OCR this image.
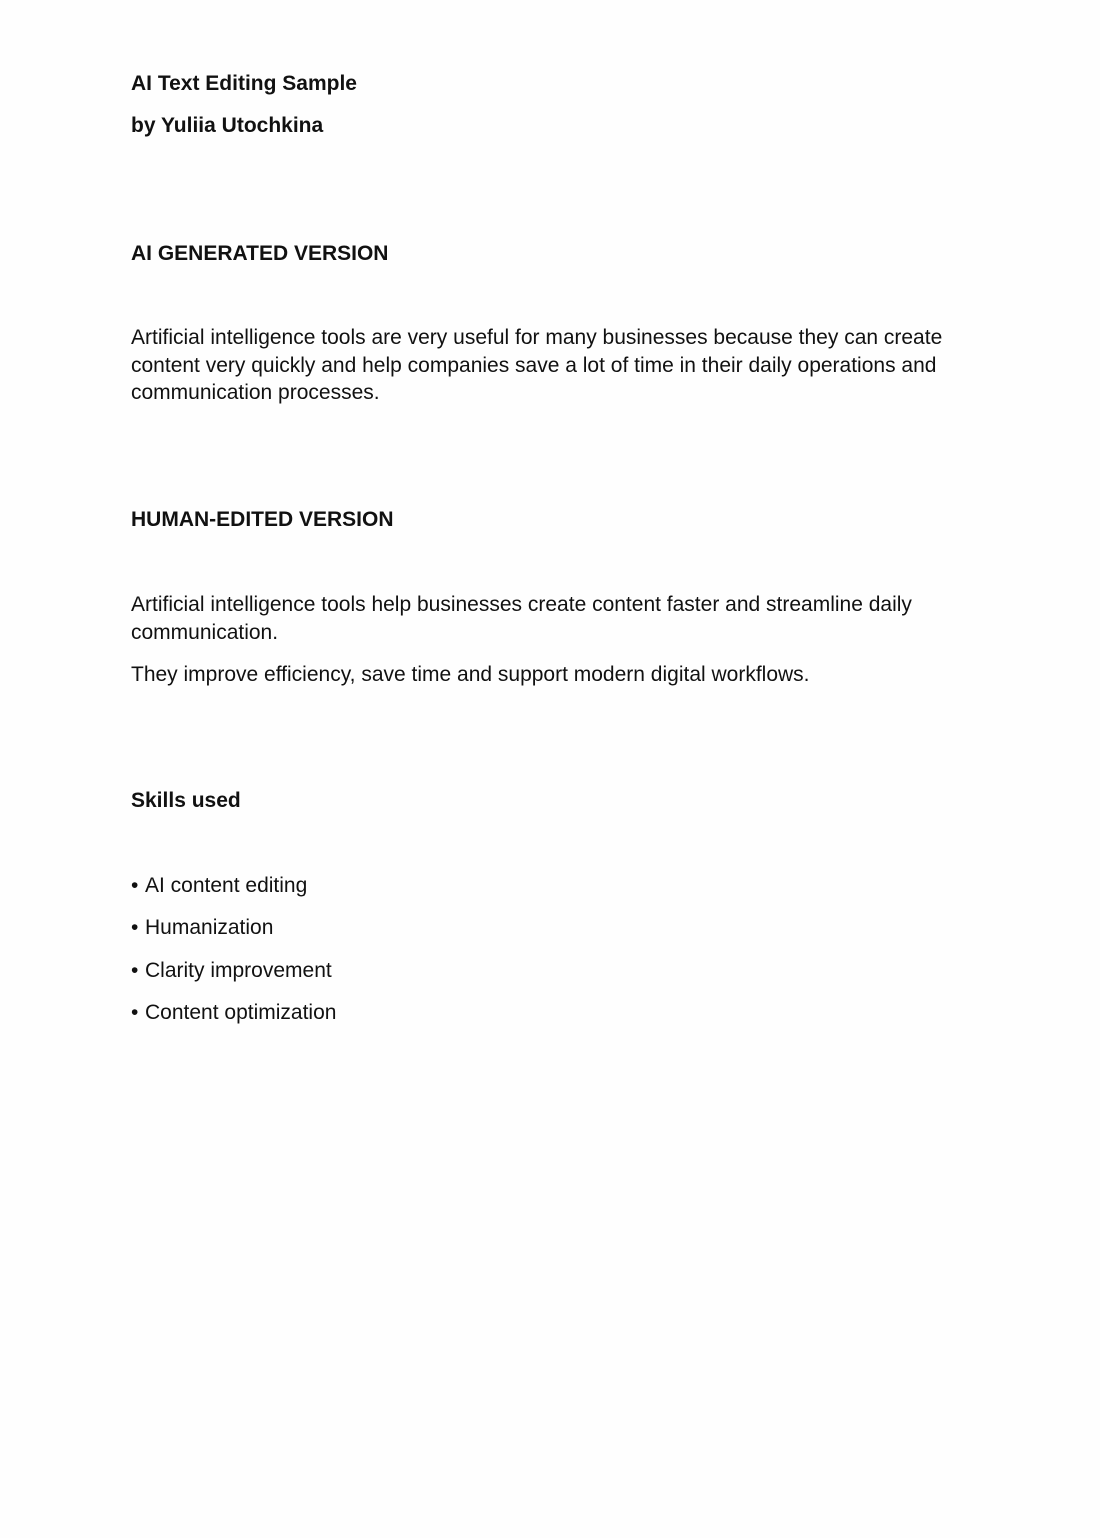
AI Text Editing Sample

by Yuliia Utochkina

AI GENERATED VERSION

Artificial intelligence tools are very useful for many businesses because they can create

content very quickly and help companies save a lot of time in their daily operations and

communication processes.

HUMAN-EDITED VERSION

Artificial intelligence tools help businesses create content faster and streamline daily

communication.

They improve efficiency, save time and support modern digital workflows.

Skills used

• AI content editing

• Humanization

• Clarity improvement

• Content optimization
